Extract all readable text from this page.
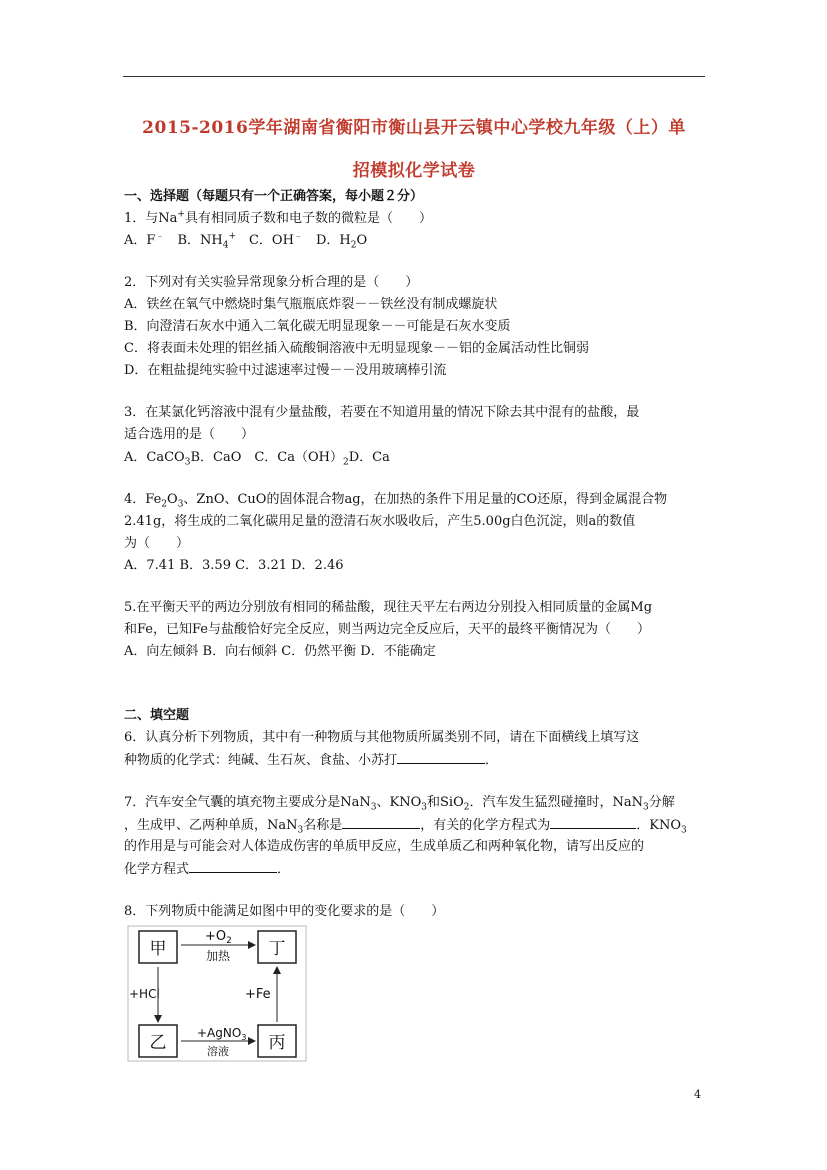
2015-2016学年湖南省衡阳市衡山县开云镇中心学校九年级（上）单
招模拟化学试卷
一、选择题（每题只有一个正确答案，每小题２分）
1．与Na+具有相同质子数和电子数的微粒是（　　）
A．F﹣　B．$NH_4^+$　C．OH﹣　D．$H_2O$
2．下列对有关实验异常现象分析合理的是（　　）
A．铁丝在氧气中燃烧时集气瓶瓶底炸裂－－铁丝没有制成螺旋状
B．向澄清石灰水中通入二氧化碳无明显现象－－可能是石灰水变质
C．将表面未处理的铝丝插入硫酸铜溶液中无明显现象－－铝的金属活动性比铜弱
D．在粗盐提纯实验中过滤速率过慢－－没用玻璃棒引流
3．在某氯化钙溶液中混有少量盐酸，若要在不知道用量的情况下除去其中混有的盐酸，最
适合选用的是（　　）
A．CaCO$_3$B．CaO　C．$Ca(OH)_2D$．Ca
4．$Fe_2O_3$、ZnO、CuO的固体混合物ag，在加热的条件下用足量的CO还原，得到金属混合物
2.41g，将生成的二氧化碳用足量的澄清石灰水吸收后，产生5.00g白色沉淀，则a的数值
为（　　）
A．7.41 B．3.59 C．3.21 D．2.46
5.在平衡天平的两边分别放有相同的稀盐酸，现往天平左右两边分别投入相同质量的金属Mg
和Fe，已知Fe与盐酸恰好完全反应，则当两边完全反应后，天平的最终平衡情况为（　　）
A．向左倾斜 B．向右倾斜 C．仍然平衡 D．不能确定
二、填空题
6．认真分析下列物质，其中有一种物质与其他物质所属类别不同，请在下面横线上填写这
种物质的化学式：纯碱、生石灰、食盐、小苏打	．
7．汽车安全气囊的填充物主要成分是NaN$_3$、$KNO_3$和SiO$_2$．汽车发生猛烈碰撞时，NaN$_3$分解
，生成甲、乙两种单质，NaN$_3$名称是	，有关的化学方程式为	．$KNO_3$
的作用是与可能会对人体造成伤害的单质甲反应，生成单质乙和两种氧化物，请写出反应的
化学方程式	．
8．下列物质中能满足如图中甲的变化要求的是（　　）
甲	丁
乙	丙
$+O_2$
加热
+HCl	+Fe
+AgNO$_3$
溶液
4
